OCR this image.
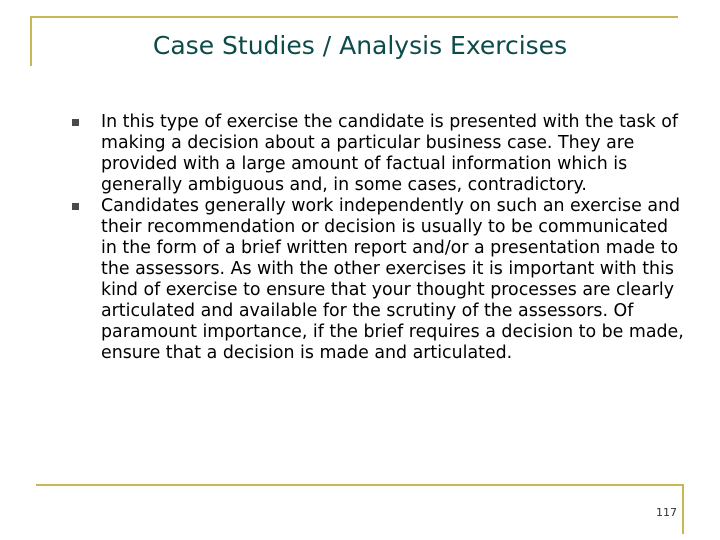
Case Studies / Analysis Exercises
In this type of exercise the candidate is presented with the task of making a decision about a particular business case. They are provided with a large amount of factual information which is generally ambiguous and, in some cases, contradictory.
Candidates generally work independently on such an exercise and their recommendation or decision is usually to be communicated in the form of a brief written report and/or a presentation made to the assessors. As with the other exercises it is important with this kind of exercise to ensure that your thought processes are clearly articulated and available for the scrutiny of the assessors. Of paramount importance, if the brief requires a decision to be made, ensure that a decision is made and articulated.
117
